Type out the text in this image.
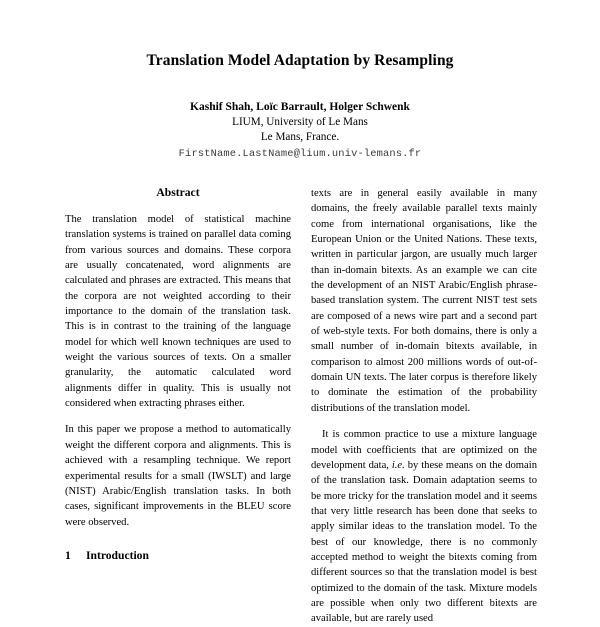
Translation Model Adaptation by Resampling
Kashif Shah, Loïc Barrault, Holger Schwenk
LIUM, University of Le Mans
Le Mans, France.
FirstName.LastName@lium.univ-lemans.fr
Abstract

The translation model of statistical machine translation systems is trained on parallel data coming from various sources and domains. These corpora are usually concatenated, word alignments are calculated and phrases are extracted. This means that the corpora are not weighted according to their importance to the domain of the translation task. This is in contrast to the training of the language model for which well known techniques are used to weight the various sources of texts. On a smaller granularity, the automatic calculated word alignments differ in quality. This is usually not considered when extracting phrases either.

In this paper we propose a method to automatically weight the different corpora and alignments. This is achieved with a resampling technique. We report experimental results for a small (IWSLT) and large (NIST) Arabic/English translation tasks. In both cases, significant improvements in the BLEU score were observed.

1	Introduction

texts are in general easily available in many domains, the freely available parallel texts mainly come from international organisations, like the European Union or the United Nations. These texts, written in particular jargon, are usually much larger than in-domain bitexts. As an example we can cite the development of an NIST Arabic/English phrase-based translation system. The current NIST test sets are composed of a news wire part and a second part of web-style texts. For both domains, there is only a small number of in-domain bitexts available, in comparison to almost 200 millions words of out-of-domain UN texts. The later corpus is therefore likely to dominate the estimation of the probability distributions of the translation model.

It is common practice to use a mixture language model with coefficients that are optimized on the development data, i.e. by these means on the domain of the translation task. Domain adaptation seems to be more tricky for the translation model and it seems that very little research has been done that seeks to apply similar ideas to the translation model. To the best of our knowledge, there is no commonly accepted method to weight the bitexts coming from different sources so that the translation model is best optimized to the domain of the task. Mixture models are possible when only two different bitexts are available, but are rarely used
